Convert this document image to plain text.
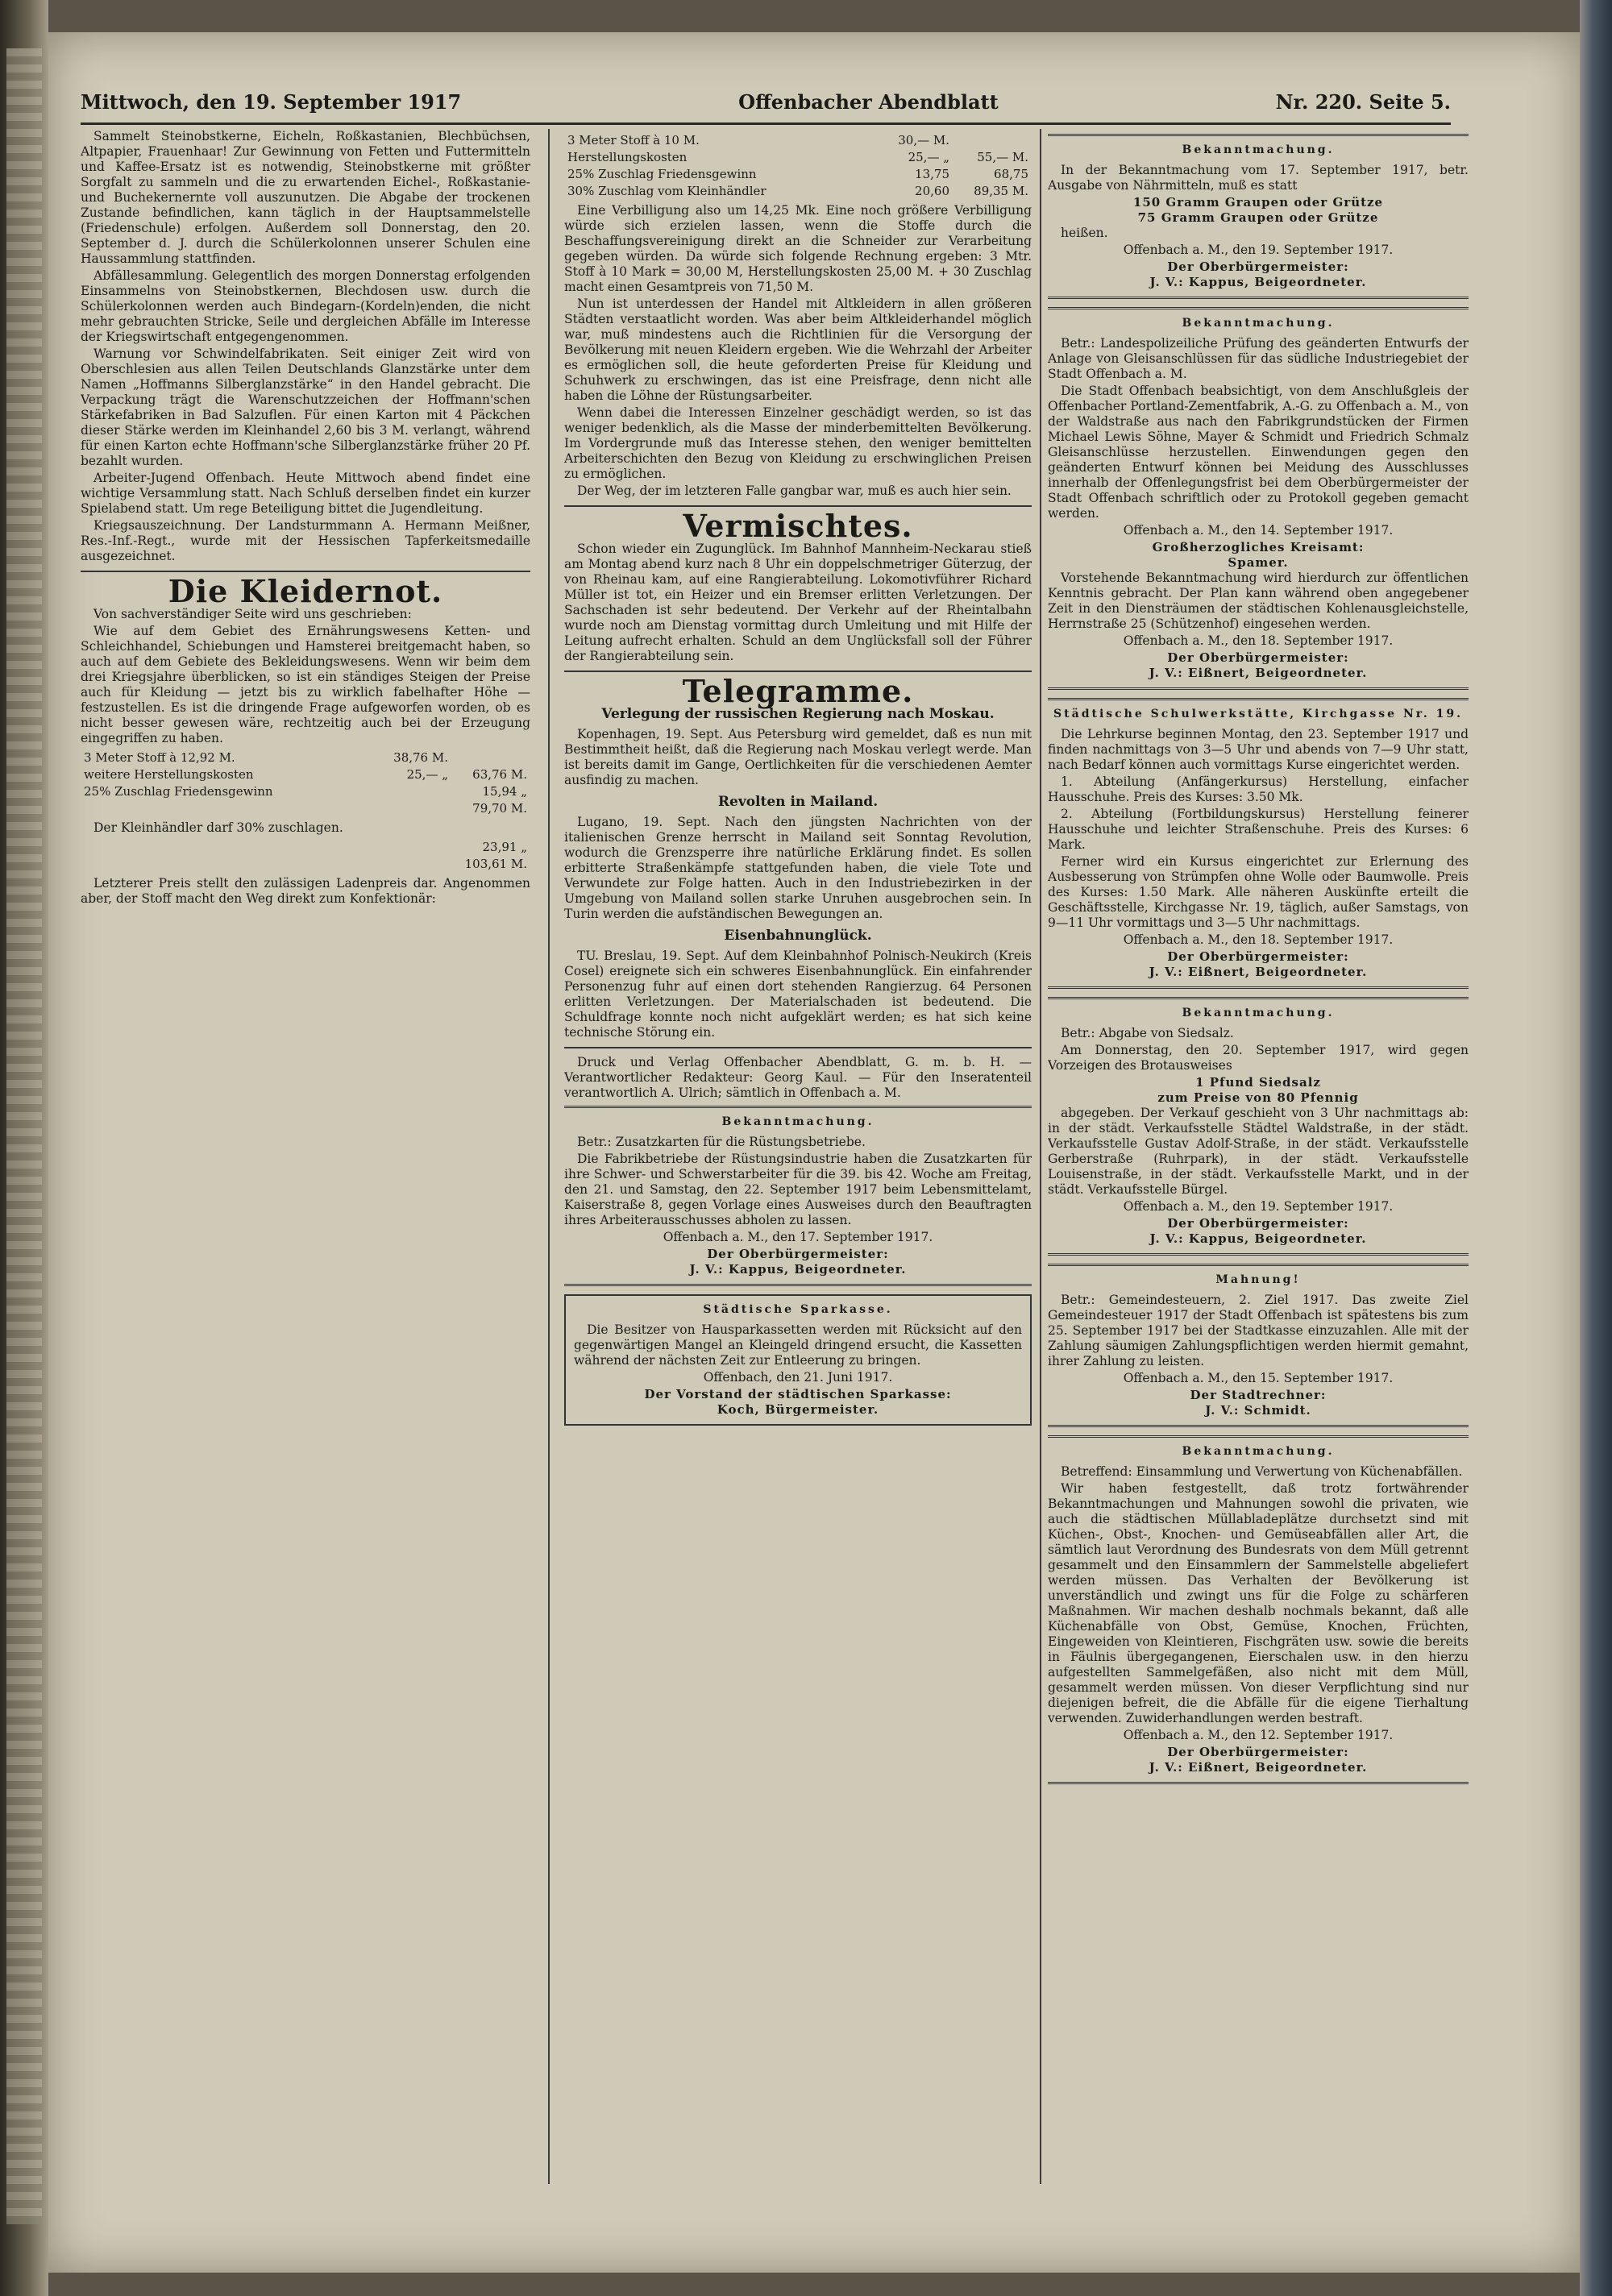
Mittwoch, den 19. September 1917	Offenbacher Abendblatt	Nr. 220. Seite 5.

Sammelt Steinobstkerne, Eicheln, Roßkastanien, Blechbüchsen, Altpapier, Frauenhaar! Zur Gewinnung von Fetten und Futtermitteln und Kaffee-Ersatz ist es notwendig, Steinobstkerne mit größter Sorgfalt zu sammeln und die zu erwartenden Eichel-, Roßkastanie- und Buchekernernte voll auszunutzen. Die Abgabe der trockenen Zustande befindlichen, kann täglich in der Hauptsammelstelle (Friedenschule) erfolgen. Außerdem soll Donnerstag, den 20. September d. J. durch die Schülerkolonnen unserer Schulen eine Haussammlung stattfinden.

Abfällesammlung. Gelegentlich des morgen Donnerstag erfolgenden Einsammelns von Steinobstkernen, Blechdosen usw. durch die Schülerkolonnen werden auch Bindegarn-(Kordeln)enden, die nicht mehr gebrauchten Stricke, Seile und dergleichen Abfälle im Interesse der Kriegswirtschaft entgegengenommen.

Warnung vor Schwindelfabrikaten. Seit einiger Zeit wird von Oberschlesien aus allen Teilen Deutschlands Glanzstärke unter dem Namen „Hoffmanns Silberglanzstärke“ in den Handel gebracht. Die Verpackung trägt die Warenschutzzeichen der Hoffmann'schen Stärkefabriken in Bad Salzuflen. Für einen Karton mit 4 Päckchen dieser Stärke werden im Kleinhandel 2,60 bis 3 M. verlangt, während für einen Karton echte Hoffmann'sche Silberglanzstärke früher 20 Pf. bezahlt wurden.

Arbeiter-Jugend Offenbach. Heute Mittwoch abend findet eine wichtige Versammlung statt. Nach Schluß derselben findet ein kurzer Spielabend statt. Um rege Beteiligung bittet die Jugendleitung.

Kriegsauszeichnung. Der Landsturmmann A. Hermann Meißner, Res.-Inf.-Regt., wurde mit der Hessischen Tapferkeitsmedaille ausgezeichnet.

Die Kleidernot.

Von sachverständiger Seite wird uns geschrieben:

Wie auf dem Gebiet des Ernährungswesens Ketten- und Schleichhandel, Schiebungen und Hamsterei breitgemacht haben, so auch auf dem Gebiete des Bekleidungswesens. Wenn wir beim dem drei Kriegsjahre überblicken, so ist ein ständiges Steigen der Preise auch für Kleidung — jetzt bis zu wirklich fabelhafter Höhe — festzustellen. Es ist die dringende Frage aufgeworfen worden, ob es nicht besser gewesen wäre, rechtzeitig auch bei der Erzeugung eingegriffen zu haben.

3 Meter Stoff à 12,92 M.	38,76 M.	
weitere Herstellungskosten	25,— „	63,76 M.
25% Zuschlag Friedensgewinn		15,94 „
		79,70 M.

Der Kleinhändler darf 30% zuschlagen.

		23,91 „
		103,61 M.

Letzterer Preis stellt den zulässigen Ladenpreis dar. Angenommen aber, der Stoff macht den Weg direkt zum Konfektionär:

3 Meter Stoff à 10 M.	30,— M.	
Herstellungskosten	25,— „	55,— M.
25% Zuschlag Friedensgewinn	13,75	68,75
30% Zuschlag vom Kleinhändler	20,60	89,35 M.

Eine Verbilligung also um 14,25 Mk. Eine noch größere Verbilligung würde sich erzielen lassen, wenn die Stoffe durch die Beschaffungsvereinigung direkt an die Schneider zur Verarbeitung gegeben würden. Da würde sich folgende Rechnung ergeben: 3 Mtr. Stoff à 10 Mark = 30,00 M, Herstellungskosten 25,00 M. + 30 Zuschlag macht einen Gesamtpreis von 71,50 M.

Nun ist unterdessen der Handel mit Altkleidern in allen größeren Städten verstaatlicht worden. Was aber beim Altkleiderhandel möglich war, muß mindestens auch die Richtlinien für die Versorgung der Bevölkerung mit neuen Kleidern ergeben. Wie die Wehrzahl der Arbeiter es ermöglichen soll, die heute geforderten Preise für Kleidung und Schuhwerk zu erschwingen, das ist eine Preisfrage, denn nicht alle haben die Löhne der Rüstungsarbeiter.

Wenn dabei die Interessen Einzelner geschädigt werden, so ist das weniger bedenklich, als die Masse der minderbemittelten Bevölkerung. Im Vordergrunde muß das Interesse stehen, den weniger bemittelten Arbeiterschichten den Bezug von Kleidung zu erschwinglichen Preisen zu ermöglichen.

Der Weg, der im letzteren Falle gangbar war, muß es auch hier sein.

Vermischtes.

Schon wieder ein Zugunglück. Im Bahnhof Mannheim-Neckarau stieß am Montag abend kurz nach 8 Uhr ein doppelschmetriger Güterzug, der von Rheinau kam, auf eine Rangierabteilung. Lokomotivführer Richard Müller ist tot, ein Heizer und ein Bremser erlitten Verletzungen. Der Sachschaden ist sehr bedeutend. Der Verkehr auf der Rheintalbahn wurde noch am Dienstag vormittag durch Umleitung und mit Hilfe der Leitung aufrecht erhalten. Schuld an dem Unglücksfall soll der Führer der Rangierabteilung sein.

Telegramme.
Verlegung der russischen Regierung nach Moskau.

Kopenhagen, 19. Sept. Aus Petersburg wird gemeldet, daß es nun mit Bestimmtheit heißt, daß die Regierung nach Moskau verlegt werde. Man ist bereits damit im Gange, Oertlichkeiten für die verschiedenen Aemter ausfindig zu machen.

Revolten in Mailand.

Lugano, 19. Sept. Nach den jüngsten Nachrichten von der italienischen Grenze herrscht in Mailand seit Sonntag Revolution, wodurch die Grenzsperre ihre natürliche Erklärung findet. Es sollen erbitterte Straßenkämpfe stattgefunden haben, die viele Tote und Verwundete zur Folge hatten. Auch in den Industriebezirken in der Umgebung von Mailand sollen starke Unruhen ausgebrochen sein. In Turin werden die aufständischen Bewegungen an.

Eisenbahnunglück.

TU. Breslau, 19. Sept. Auf dem Kleinbahnhof Polnisch-Neukirch (Kreis Cosel) ereignete sich ein schweres Eisenbahnunglück. Ein einfahrender Personenzug fuhr auf einen dort stehenden Rangierzug. 64 Personen erlitten Verletzungen. Der Materialschaden ist bedeutend. Die Schuldfrage konnte noch nicht aufgeklärt werden; es hat sich keine technische Störung ein.

Druck und Verlag Offenbacher Abendblatt, G. m. b. H. — Verantwortlicher Redakteur: Georg Kaul. — Für den Inseratenteil verantwortlich A. Ulrich; sämtlich in Offenbach a. M.

Bekanntmachung.

Betr.: Zusatzkarten für die Rüstungsbetriebe.

Die Fabrikbetriebe der Rüstungsindustrie haben die Zusatzkarten für ihre Schwer- und Schwerstarbeiter für die 39. bis 42. Woche am Freitag, den 21. und Samstag, den 22. September 1917 beim Lebensmittelamt, Kaiserstraße 8, gegen Vorlage eines Ausweises durch den Beauftragten ihres Arbeiterausschusses abholen zu lassen.

Offenbach a. M., den 17. September 1917.

Der Oberbürgermeister:
J. V.: Kappus, Beigeordneter.
Städtische Sparkasse.

Die Besitzer von Hausparkassetten werden mit Rücksicht auf den gegenwärtigen Mangel an Kleingeld dringend ersucht, die Kassetten während der nächsten Zeit zur Entleerung zu bringen.

Offenbach, den 21. Juni 1917.

Der Vorstand der städtischen Sparkasse:
Koch, Bürgermeister.
Bekanntmachung.

In der Bekanntmachung vom 17. September 1917, betr. Ausgabe von Nährmitteln, muß es statt

150 Gramm Graupen oder Grütze
75 Gramm Graupen oder Grütze

heißen.

Offenbach a. M., den 19. September 1917.

Der Oberbürgermeister:
J. V.: Kappus, Beigeordneter.
Bekanntmachung.

Betr.: Landespolizeiliche Prüfung des geänderten Entwurfs der Anlage von Gleisanschlüssen für das südliche Industriegebiet der Stadt Offenbach a. M.

Die Stadt Offenbach beabsichtigt, von dem Anschlußgleis der Offenbacher Portland-Zementfabrik, A.-G. zu Offenbach a. M., von der Waldstraße aus nach den Fabrikgrundstücken der Firmen Michael Lewis Söhne, Mayer & Schmidt und Friedrich Schmalz Gleisanschlüsse herzustellen. Einwendungen gegen den geänderten Entwurf können bei Meidung des Ausschlusses innerhalb der Offenlegungsfrist bei dem Oberbürgermeister der Stadt Offenbach schriftlich oder zu Protokoll gegeben gemacht werden.

Offenbach a. M., den 14. September 1917.

Großherzogliches Kreisamt:
Spamer.

Vorstehende Bekanntmachung wird hierdurch zur öffentlichen Kenntnis gebracht. Der Plan kann während oben angegebener Zeit in den Diensträumen der städtischen Kohlenausgleichstelle, Herrnstraße 25 (Schützenhof) eingesehen werden.

Offenbach a. M., den 18. September 1917.

Der Oberbürgermeister:
J. V.: Eißnert, Beigeordneter.
Städtische Schulwerkstätte, Kirchgasse Nr. 19.

Die Lehrkurse beginnen Montag, den 23. September 1917 und finden nachmittags von 3—5 Uhr und abends von 7—9 Uhr statt, nach Bedarf können auch vormittags Kurse eingerichtet werden.

1. Abteilung (Anfängerkursus) Herstellung, einfacher Hausschuhe. Preis des Kurses: 3.50 Mk.

2. Abteilung (Fortbildungskursus) Herstellung feinerer Hausschuhe und leichter Straßenschuhe. Preis des Kurses: 6 Mark.

Ferner wird ein Kursus eingerichtet zur Erlernung des Ausbesserung von Strümpfen ohne Wolle oder Baumwolle. Preis des Kurses: 1.50 Mark. Alle näheren Auskünfte erteilt die Geschäftsstelle, Kirchgasse Nr. 19, täglich, außer Samstags, von 9—11 Uhr vormittags und 3—5 Uhr nachmittags.

Offenbach a. M., den 18. September 1917.

Der Oberbürgermeister:
J. V.: Eißnert, Beigeordneter.
Bekanntmachung.

Betr.: Abgabe von Siedsalz.

Am Donnerstag, den 20. September 1917, wird gegen Vorzeigen des Brotausweises

1 Pfund Siedsalz
zum Preise von 80 Pfennig

abgegeben. Der Verkauf geschieht von 3 Uhr nachmittags ab: in der städt. Verkaufsstelle Städtel Waldstraße, in der städt. Verkaufsstelle Gustav Adolf-Straße, in der städt. Verkaufsstelle Gerberstraße (Ruhrpark), in der städt. Verkaufsstelle Louisenstraße, in der städt. Verkaufsstelle Markt, und in der städt. Verkaufsstelle Bürgel.

Offenbach a. M., den 19. September 1917.

Der Oberbürgermeister:
J. V.: Kappus, Beigeordneter.
Mahnung!

Betr.: Gemeindesteuern, 2. Ziel 1917. Das zweite Ziel Gemeindesteuer 1917 der Stadt Offenbach ist spätestens bis zum 25. September 1917 bei der Stadtkasse einzuzahlen. Alle mit der Zahlung säumigen Zahlungspflichtigen werden hiermit gemahnt, ihrer Zahlung zu leisten.

Offenbach a. M., den 15. September 1917.

Der Stadtrechner:
J. V.: Schmidt.
Bekanntmachung.

Betreffend: Einsammlung und Verwertung von Küchenabfällen.

Wir haben festgestellt, daß trotz fortwährender Bekanntmachungen und Mahnungen sowohl die privaten, wie auch die städtischen Müllabladeplätze durchsetzt sind mit Küchen-, Obst-, Knochen- und Gemüseabfällen aller Art, die sämtlich laut Verordnung des Bundesrats von dem Müll getrennt gesammelt und den Einsammlern der Sammelstelle abgeliefert werden müssen. Das Verhalten der Bevölkerung ist unverständlich und zwingt uns für die Folge zu schärferen Maßnahmen. Wir machen deshalb nochmals bekannt, daß alle Küchenabfälle von Obst, Gemüse, Knochen, Früchten, Eingeweiden von Kleintieren, Fischgräten usw. sowie die bereits in Fäulnis übergegangenen, Eierschalen usw. in den hierzu aufgestellten Sammelgefäßen, also nicht mit dem Müll, gesammelt werden müssen. Von dieser Verpflichtung sind nur diejenigen befreit, die die Abfälle für die eigene Tierhaltung verwenden. Zuwiderhandlungen werden bestraft.

Offenbach a. M., den 12. September 1917.

Der Oberbürgermeister:
J. V.: Eißnert, Beigeordneter.
